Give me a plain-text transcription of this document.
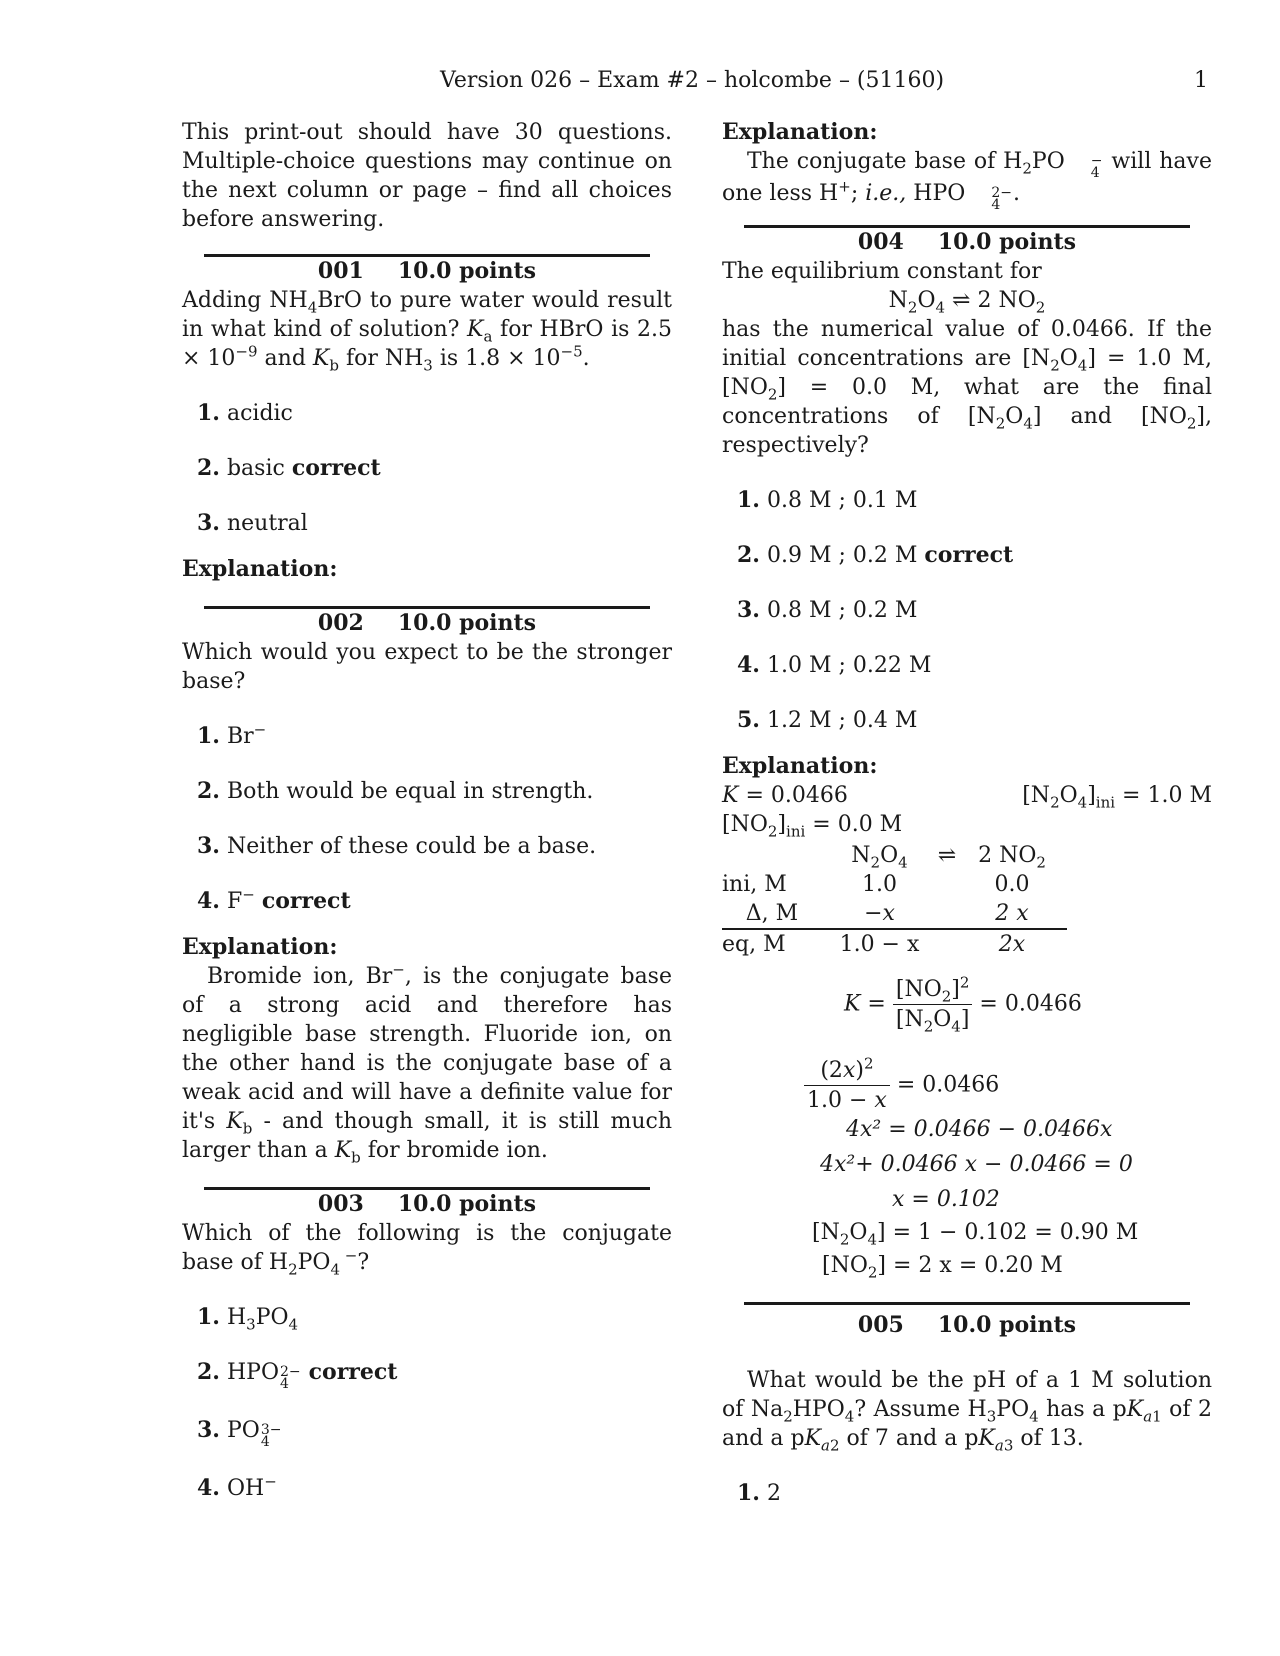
Version 026 – Exam #2 – holcombe – (51160)	1

This print-out should have 30 questions. Multiple-choice questions may continue on the next column or page – find all choices before answering.

001 10.0 points

Adding $NH_4BrO$ to pure water would result in what kind of solution? $K_a$ for HBrO is $2.5 \times 10^{-9}$ and $K_b$ for $NH_3$ is $1.8 \times 10^{-5}$.

1. acidic
2. basic correct
3. neutral
Explanation:
002 10.0 points

Which would you expect to be the stronger base?

1. Br−
2. Both would be equal in strength.
3. Neither of these could be a base.
4. F− correct
Explanation:

Bromide ion, Br−, is the conjugate base of a strong acid and therefore has negligible base strength. Fluoride ion, on the other hand is the conjugate base of a weak acid and will have a definite value for it's $K_b$ - and though small, it is still much larger than a $K_b$ for bromide ion.

003 10.0 points

Which of the following is the conjugate base of $H_2PO_4$ −?

1. $H_3PO_4$
2. HPO 2−
4 correct
3. PO 3−
4
4. OH−
Explanation:

The conjugate base of $H_2PO$	−
4 will have one less H+; i.e., HPO	2−
4 .

004 10.0 points

The equilibrium constant for

$N_2O_4$ ⇌ 2 $NO_2$

has the numerical value of 0.0466. If the initial concentrations are $[N_2O_4] = 1.0$ M, $[NO_2] = 0.0$ M, what are the final concentrations of $[N_2O_4]$ and $[NO_2]$, respectively?

1. 0.8 M ; 0.1 M
2. 0.9 M ; 0.2 M correct
3. 0.8 M ; 0.2 M
4. 1.0 M ; 0.22 M
5. 1.2 M ; 0.4 M
Explanation:
K = 0.0466	$[N_2O_4]_{ini} = 1.0$ M
$[NO_2]_{ini} = 0.0$ M
	$N_2O_4$	⇌	2 $NO_2$
ini, M	1.0		0.0
Δ, M	−x		2 x
eq, M	1.0 − x		2x
$K = \frac{[NO_2]^2}{[N_2O_4]} = 0.0466$
$\frac{(2x)^2}{1.0 - x} = 0.0466$
4x² = 0.0466 − 0.0466x
4x²+ 0.0466 x − 0.0466 = 0
x = 0.102
$[N_2O_4] = 1 - 0.102 = 0.90$ M
$[NO_2] = 2$ x = 0.20 M
005 10.0 points

What would be the pH of a 1 M solution of $Na_2HPO_4$? Assume $H_3PO_4$ has a $pK_{a1}$ of 2 and a $pK_{a2}$ of 7 and a $pK_{a3}$ of 13.

1. 2
